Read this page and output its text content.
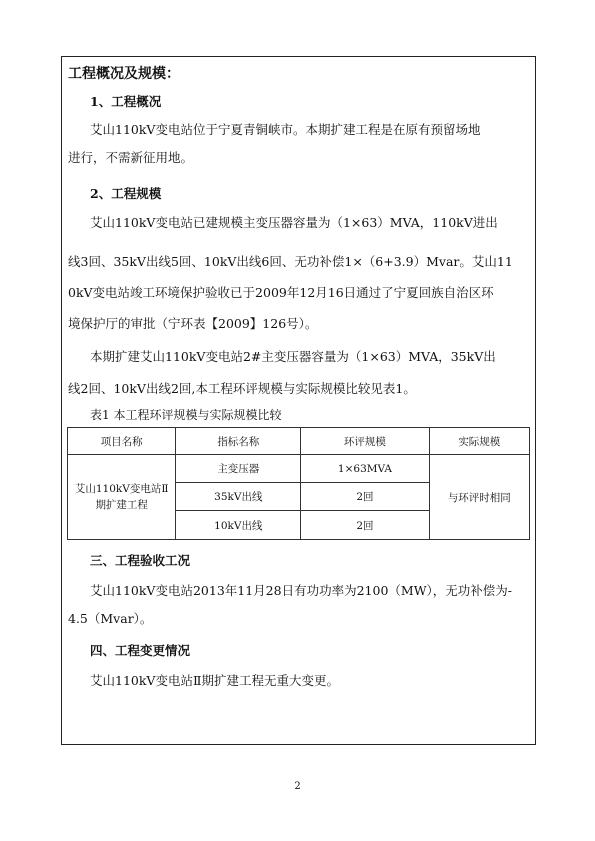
工程概况及规模：
1、工程概况
艾山110kV变电站位于宁夏青铜峡市。本期扩建工程是在原有预留场地
进行，不需新征用地。
2、工程规模
艾山110kV变电站已建规模主变压器容量为（1×63）MVA，110kV进出
线3回、35kV出线5回、10kV出线6回、无功补偿1×（6+3.9）Mvar。艾山11
0kV变电站竣工环境保护验收已于2009年12月16日通过了宁夏回族自治区环
境保护厅的审批（宁环表【2009】126号）。
本期扩建艾山110kV变电站2#主变压器容量为（1×63）MVA，35kV出
线2回、10kV出线2回,本工程环评规模与实际规模比较见表1。
表1 本工程环评规模与实际规模比较
项目名称	指标名称	环评规模	实际规模

艾山110kV变电站Ⅱ
期扩建工程	主变压器	1×63MVA	与环评时相同
	35kV出线	2回	
	10kV出线	2回	
三、工程验收工况
艾山110kV变电站2013年11月28日有功功率为2100（MW），无功补偿为-
4.5（Mvar）。
四、工程变更情况
艾山110kV变电站Ⅱ期扩建工程无重大变更。
2
